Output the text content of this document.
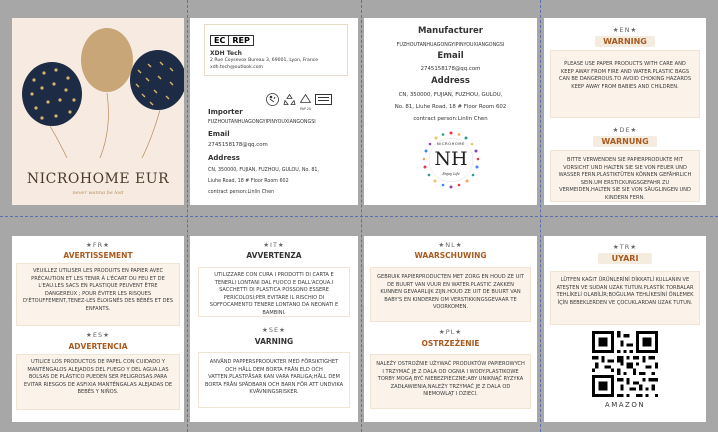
NICROHOME EUR
never wanna be lost
EC REP
XDH Tech
2 Rue Coysevox Bureau 3, 69001, Lyon, France
xdh.tech@outlook.com
PAP 20
Importer
FUZHOUTANHUAGONGYIPINYOUXIANGONGSI
Email
2745158178@qq.com
Address
CN, 350000, FUJIAN, FUZHOU, GULOU, No. 81,
Liuhe Road, 18 # Floor Room 602
contract person:Linlin Chen
Manufacturer
FUZHOUTANHUAGONGYIPINYOUXIANGONGSI
Email
2745158178@qq.com
Address
CN, 350000, FUJIAN, FUZHOU, GULOU,
No. 81, Liuhe Road, 18 # Floor Room 602
contract person:Linlin Chen
NICROHOME
NH
Enjoy Life
★EN★
WARNING
PLEASE USE PAPER PRODUCTS WITH CARE AND KEEP AWAY FROM FIRE AND WATER.PLASTIC BAGS CAN BE DANGEROUS.TO AVOID CHOKING HAZARDS KEEP AWAY FROM BABIES AND CHILDREN.
★DE★
WARNUNG
BITTE VERWENDEN SIE PAPIERPRODUKTE MIT VORSICHT UND HALTEN SIE SIE VON FEUER UND WASSER FERN.PLASTIKTÜTEN KÖNNEN GEFÄHRLICH SEIN.UM ERSTICKUNGSGEFAHR ZU VERMEIDEN,HALTEN SIE SIE VON SÄUGLINGEN UND KINDERN FERN.
★FR★
AVERTISSEMENT
VEUILLEZ UTILISER LES PRODUITS EN PAPIER AVEC PRÉCAUTION ET LES TENIR À L'ÉCART DU FEU ET DE L'EAU.LES SACS EN PLASTIQUE PEUVENT ÊTRE DANGEREUX ; POUR ÉVITER LES RISQUES D'ÉTOUFFEMENT,TENEZ-LES ÉLOIGNÉS DES BÉBÉS ET DES ENFANTS.
★ES★
ADVERTENCIA
UTILICE LOS PRODUCTOS DE PAPEL CON CUIDADO Y MANTÉNGALOS ALEJADOS DEL FUEGO Y DEL AGUA.LAS BOLSAS DE PLÁSTICO PUEDEN SER PELIGROSAS.PARA EVITAR RIESGOS DE ASFIXIA MANTÉNGALAS ALEJADAS DE BEBÉS Y NIÑOS.
★IT★
AVVERTENZA
UTILIZZARE CON CURA I PRODOTTI DI CARTA E TENERLI LONTANI DAL FUOCO E DALL'ACQUA.I SACCHETTI DI PLASTICA POSSONO ESSERE PERICOLOSI;PER EVITARE IL RISCHIO DI SOFFOCAMENTO TENERE LONTANO DA NEONATI E BAMBINI.
★SE★
VARNING
ANVÄND PAPPERSPRODUKTER MED FÖRSIKTIGHET OCH HÅLL DEM BORTA FRÅN ELD OCH VATTEN.PLASTPÅSAR KAN VARA FARLIGA;HÅLL DEM BORTA FRÅN SPÄDBARN OCH BARN FÖR ATT UNDVIKA KVÄVNINGSRISKER.
★NL★
WAARSCHUWING
GEBRUIK PAPIERPRODUCTEN MET ZORG EN HOUD ZE UIT DE BUURT VAN VUUR EN WATER.PLASTIC ZAKKEN KUNNEN GEVAARLIJK ZIJN.HOUD ZE UIT DE BUURT VAN BABY'S EN KINDEREN OM VERSTIKKINGSGEVAAR TE VOORKOMEN.
★PL★
OSTRZEŻENIE
NALEŻY OSTROŻNIE UŻYWAĆ PRODUKTÓW PAPIEROWYCH I TRZYMAĆ JE Z DALA OD OGNIA I WODY.PLASTIKOWE TORBY MOGĄ BYĆ NIEBEZPIECZNE;ABY UNIKNĄĆ RYZYKA ZADŁAWIENIA,NALEŻY TRZYMAĆ JE Z DALA OD NIEMOWLĄT I DZIECI.
★TR★
UYARI
LÜTFEN KAĞIT ÜRÜNLERİNİ DİKKATLİ KULLANIN VE ATEŞTEN VE SUDAN UZAK TUTUN.PLASTİK TORBALAR TEHLİKELİ OLABİLİR;BOĞULMA TEHLİKESİNİ ÖNLEMEK İÇİN BEBEKLERDEN VE ÇOCUKLARDAN UZAK TUTUN.
AMAZON
